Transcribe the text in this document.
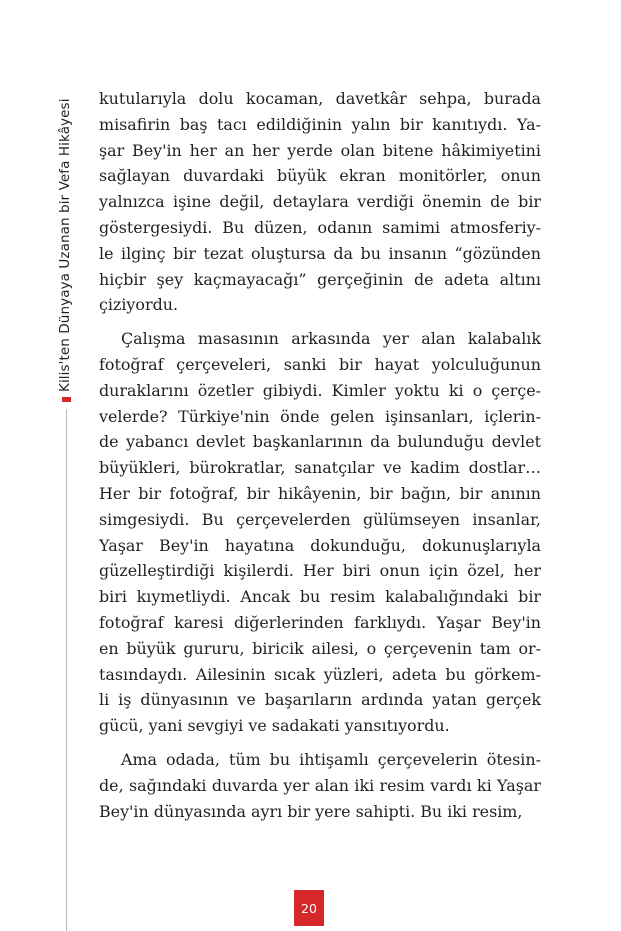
Kilis'ten Dünyaya Uzanan bir Vefa Hikâyesi kutularıyla dolu kocaman, davetkâr sehpa, burada
misafirin baş tacı edildiğinin yalın bir kanıtıydı. Ya-
şar Bey'in her an her yerde olan bitene hâkimiyetini
sağlayan duvardaki büyük ekran monitörler, onun
yalnızca işine değil, detaylara verdiği önemin de bir
göstergesiydi. Bu düzen, odanın samimi atmosferiy-
le ilginç bir tezat oluştursa da bu insanın “gözünden
hiçbir şey kaçmayacağı” gerçeğinin de adeta altını
çiziyordu.

Çalışma masasının arkasında yer alan kalabalık
fotoğraf çerçeveleri, sanki bir hayat yolculuğunun
duraklarını özetler gibiydi. Kimler yoktu ki o çerçe-
velerde? Türkiye'nin önde gelen işinsanları, içlerin-
de yabancı devlet başkanlarının da bulunduğu devlet
büyükleri, bürokratlar, sanatçılar ve kadim dostlar…
Her bir fotoğraf, bir hikâyenin, bir bağın, bir anının
simgesiydi. Bu çerçevelerden gülümseyen insanlar,
Yaşar Bey'in hayatına dokunduğu, dokunuşlarıyla
güzelleştirdiği kişilerdi. Her biri onun için özel, her
biri kıymetliydi. Ancak bu resim kalabalığındaki bir
fotoğraf karesi diğerlerinden farklıydı. Yaşar Bey'in
en büyük gururu, biricik ailesi, o çerçevenin tam or-
tasındaydı. Ailesinin sıcak yüzleri, adeta bu görkem-
li iş dünyasının ve başarıların ardında yatan gerçek
gücü, yani sevgiyi ve sadakati yansıtıyordu.

Ama odada, tüm bu ihtişamlı çerçevelerin ötesin-
de, sağındaki duvarda yer alan iki resim vardı ki Yaşar
Bey'in dünyasında ayrı bir yere sahipti. Bu iki resim,

20
